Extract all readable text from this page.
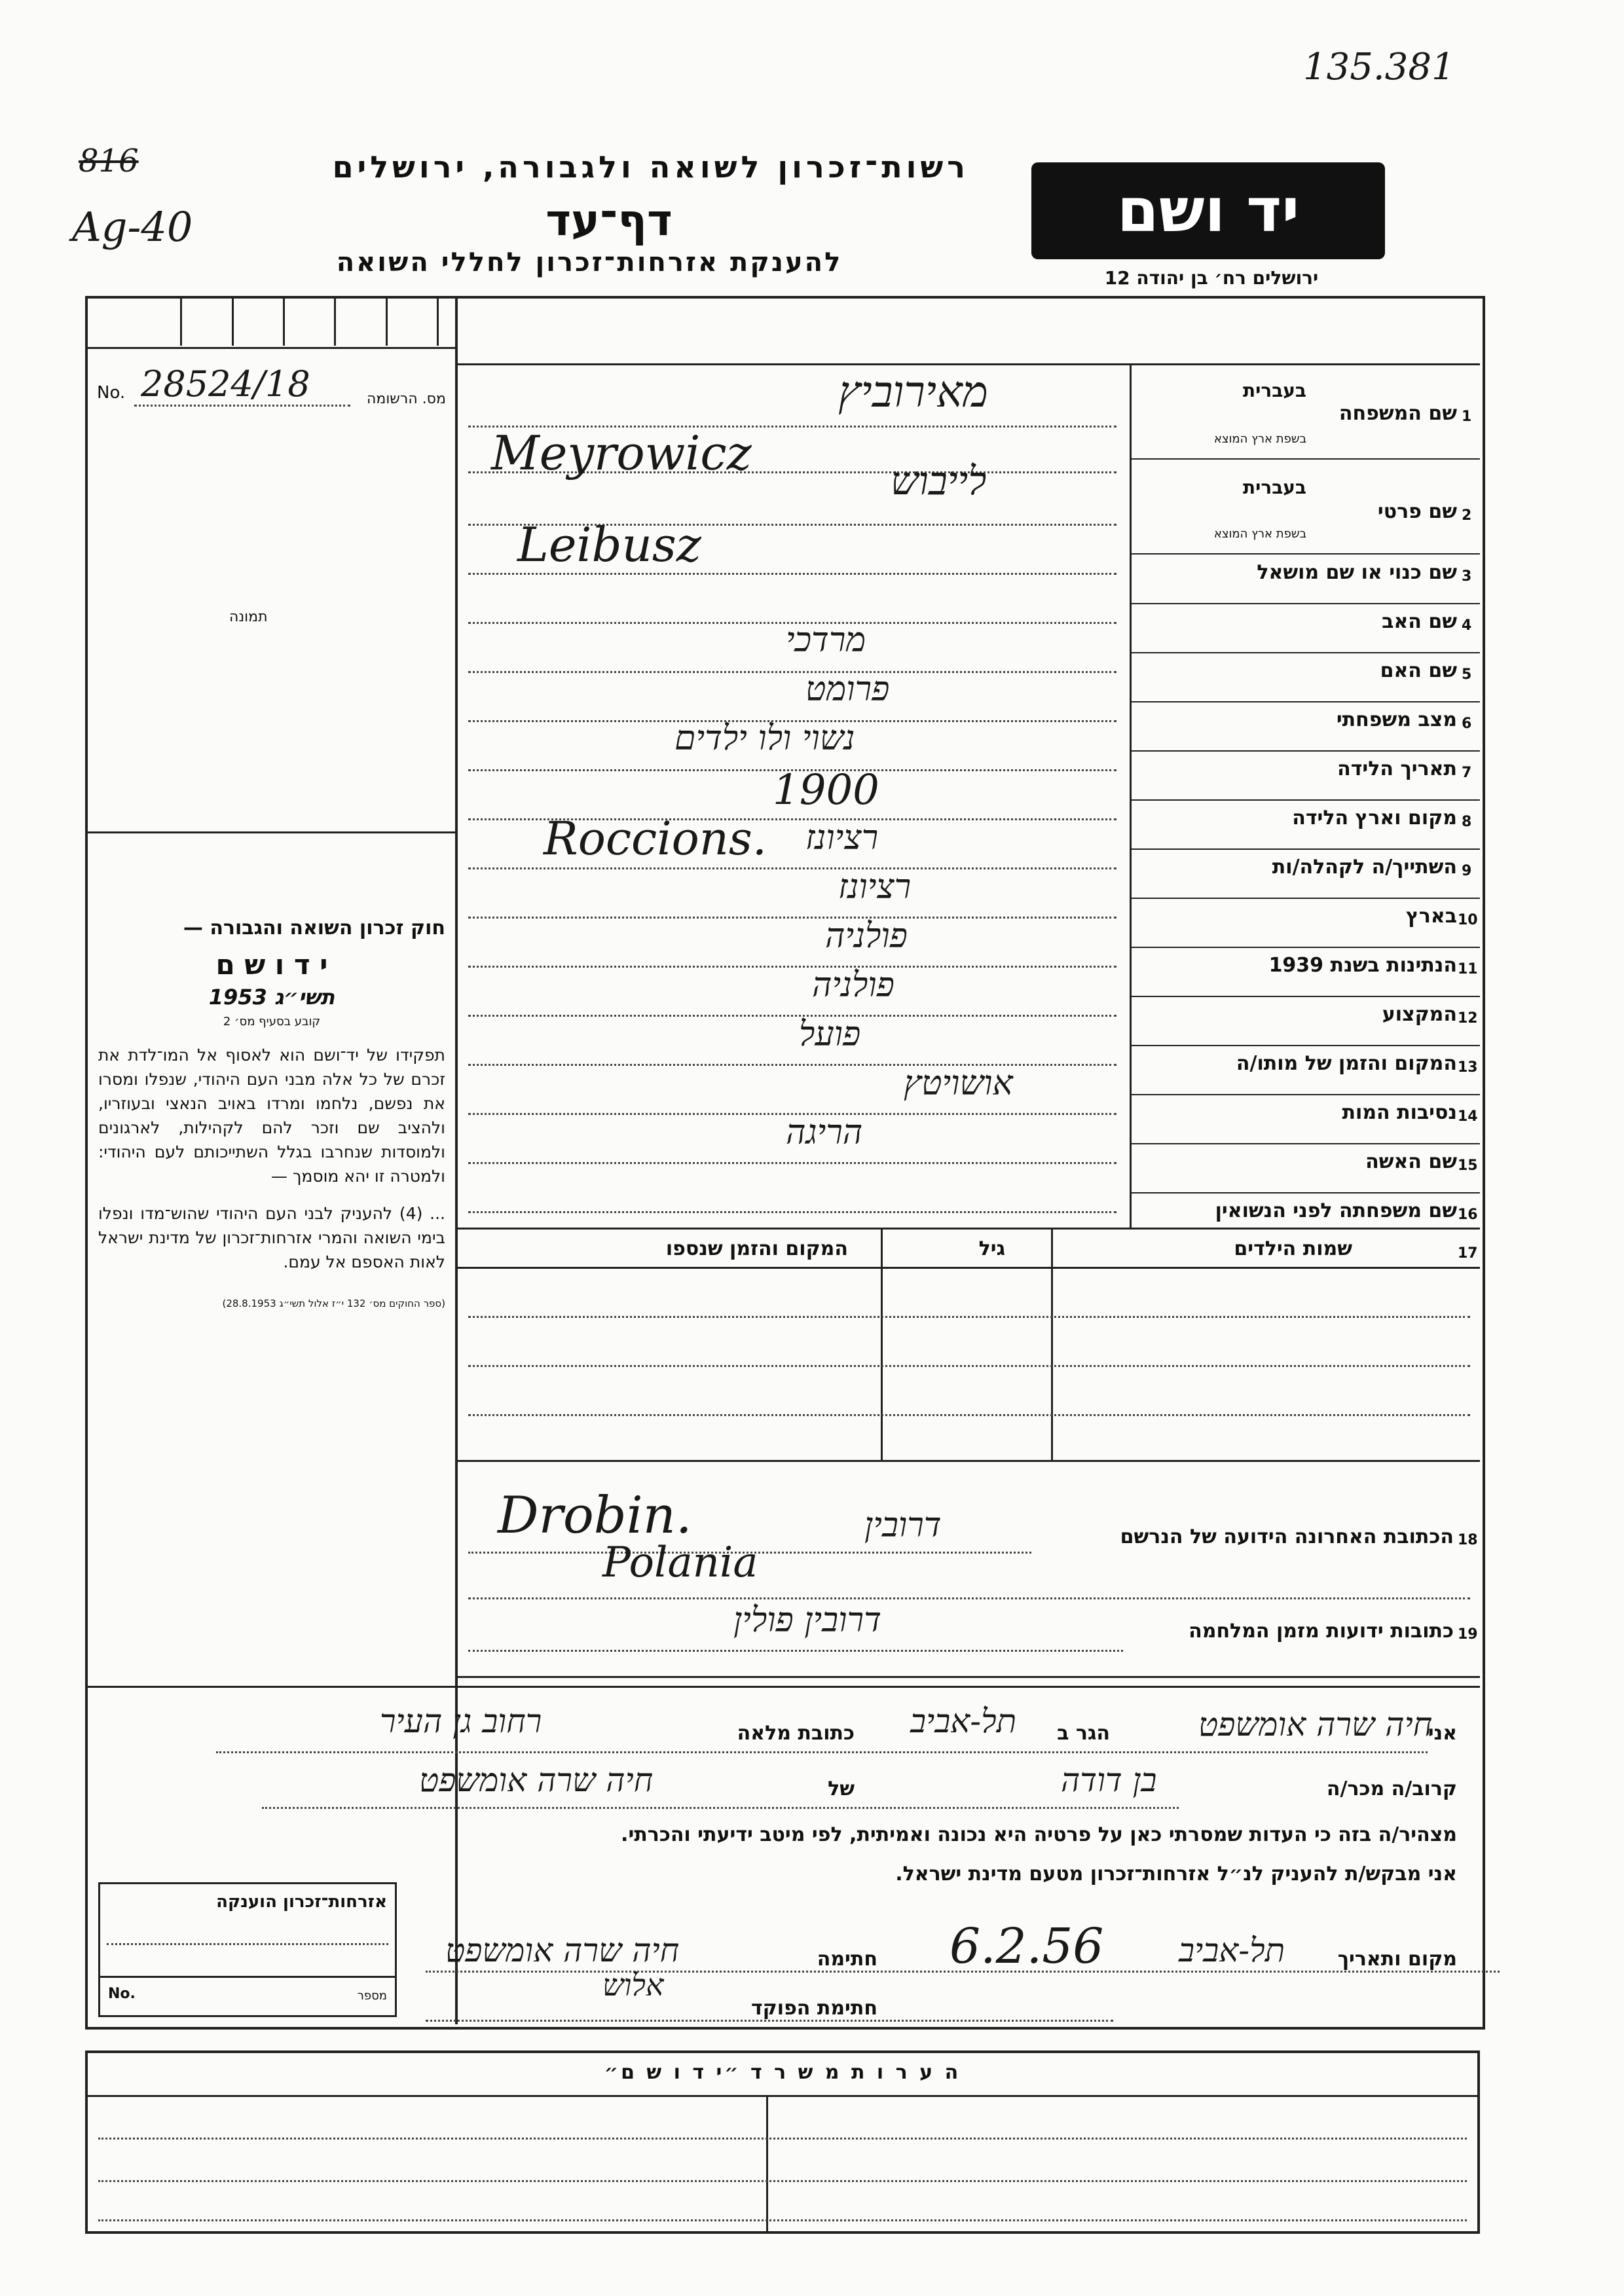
135.381
816
Ag-40
רשות־זכרון לשואה ולגבורה, ירושלים
דף־עד
להענקת אזרחות־זכרון לחללי השואה
יד ושם
ירושלים רח׳ בן יהודה 12
No. 28524/18	מס. הרשומה
תמונה

חוק זכרון השואה והגבורה —

י ד ו ש ם

תשי״ג 1953

קובע בסעיף מס׳ 2

תפקידו של יד־ושם הוא לאסוף אל המו־לדת את זכרם של כל אלה מבני העם היהודי, שנפלו ומסרו את נפשם, נלחמו ומרדו באויב הנאצי ובעוזריו, ולהציב שם וזכר להם לקהילות, לארגונים ולמוסדות שנחרבו בגלל השתייכותם לעם היהודי: ולמטרה זו יהא מוסמך —

... (4) להעניק לבני העם היהודי שהוש־מדו ונפלו בימי השואה והמרי אזרחות־זכרון של מדינת ישראל לאות האספם אל עמם.

(ספר החוקים מס׳ 132 י״ז אלול תשי״ג 28.8.1953)

1
שם המשפחה
בעברית
בשפת ארץ המוצא
2
שם פרטי
בעברית
בשפת ארץ המוצא
3
שם כנוי או שם מושאל
4
שם האב
5
שם האם
6
מצב משפחתי
7
תאריך הלידה
8
מקום וארץ הלידה
9
השתייך/ה לקהלה/ות
10
בארץ
11
הנתינות בשנת 1939
12
המקצוע
13
המקום והזמן של מותו/ה
14
נסיבות המות
15
שם האשה
16
שם משפחתה לפני הנשואין
מאירוביץ
Meyrowicz
לייבוש
Leibusz
מרדכי
פרומט
נשוי ולו ילדים
1900
Roccions. רציונז
רציונז
פולניה
פולניה
פועל
אושויטץ
הריגה
17
שמות הילדים
גיל
המקום והזמן שנספו
18
הכתובת האחרונה הידועה של הנרשם
Drobin.
Polania
דרובין
19
כתובות ידועות מזמן המלחמה
דרובין פולין
אני
חיה שרה אומשפט
הגר ב
תל-אביב
כתובת מלאה
רחוב גן העיר
קרוב/ה מכר/ה
בן דודה
של
חיה שרה אומשפט
מצהיר/ה בזה כי העדות שמסרתי כאן על פרטיה היא נכונה ואמיתית, לפי מיטב ידיעתי והכרתי.
אני מבקש/ת להעניק לנ״ל אזרחות־זכרון מטעם מדינת ישראל.
מקום ותאריך
תל-אביב
6.2.56
חתימה
חיה שרה אומשפט
חתימת הפוקד
אלוש
אזרחות־זכרון הוענקה
No.	מספר
ה ע ר ו ת מ ש ר ד ״י ד ו ש ם״
